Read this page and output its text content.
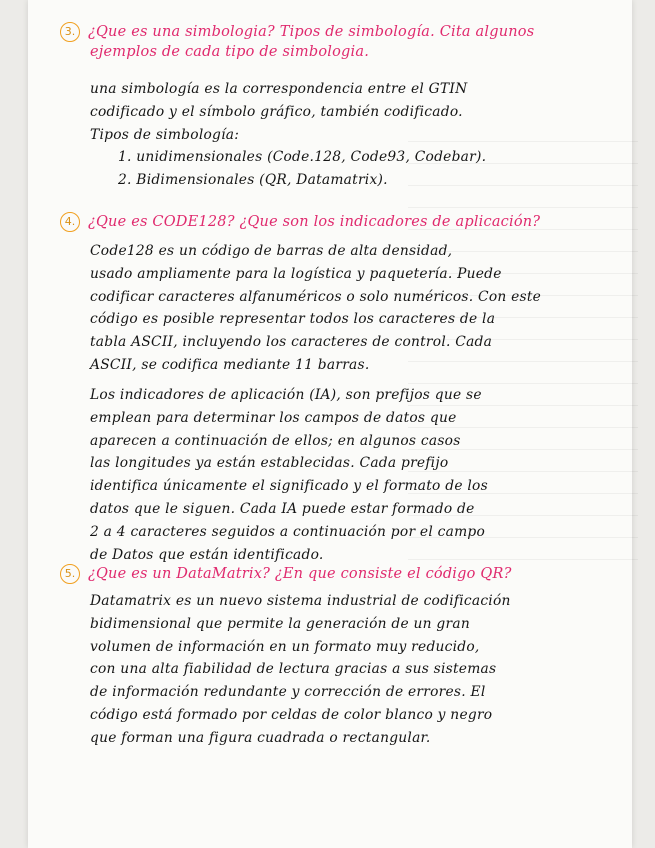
3. ¿Que es una simbologia? Tipos de simbología. Cita algunos
ejemplos de cada tipo de simbologia.
una simbología es la correspondencia entre el GTIN
codificado y el símbolo gráfico, también codificado.
Tipos de simbología:
1. unidimensionales (Code.128, Code93, Codebar).
2. Bidimensionales (QR, Datamatrix).
4. ¿Que es CODE128? ¿Que son los indicadores de aplicación?
Code128 es un código de barras de alta densidad,
usado ampliamente para la logística y paquetería. Puede
codificar caracteres alfanuméricos o solo numéricos. Con este
código es posible representar todos los caracteres de la
tabla ASCII, incluyendo los caracteres de control. Cada
ASCII, se codifica mediante 11 barras.
Los indicadores de aplicación (IA), son prefijos que se
emplean para determinar los campos de datos que
aparecen a continuación de ellos; en algunos casos
las longitudes ya están establecidas. Cada prefijo
identifica únicamente el significado y el formato de los
datos que le siguen. Cada IA puede estar formado de
2 a 4 caracteres seguidos a continuación por el campo
de Datos que están identificado.
5. ¿Que es un DataMatrix? ¿En que consiste el código QR?
Datamatrix es un nuevo sistema industrial de codificación
bidimensional que permite la generación de un gran
volumen de información en un formato muy reducido,
con una alta fiabilidad de lectura gracias a sus sistemas
de información redundante y corrección de errores. El
código está formado por celdas de color blanco y negro
que forman una figura cuadrada o rectangular.
